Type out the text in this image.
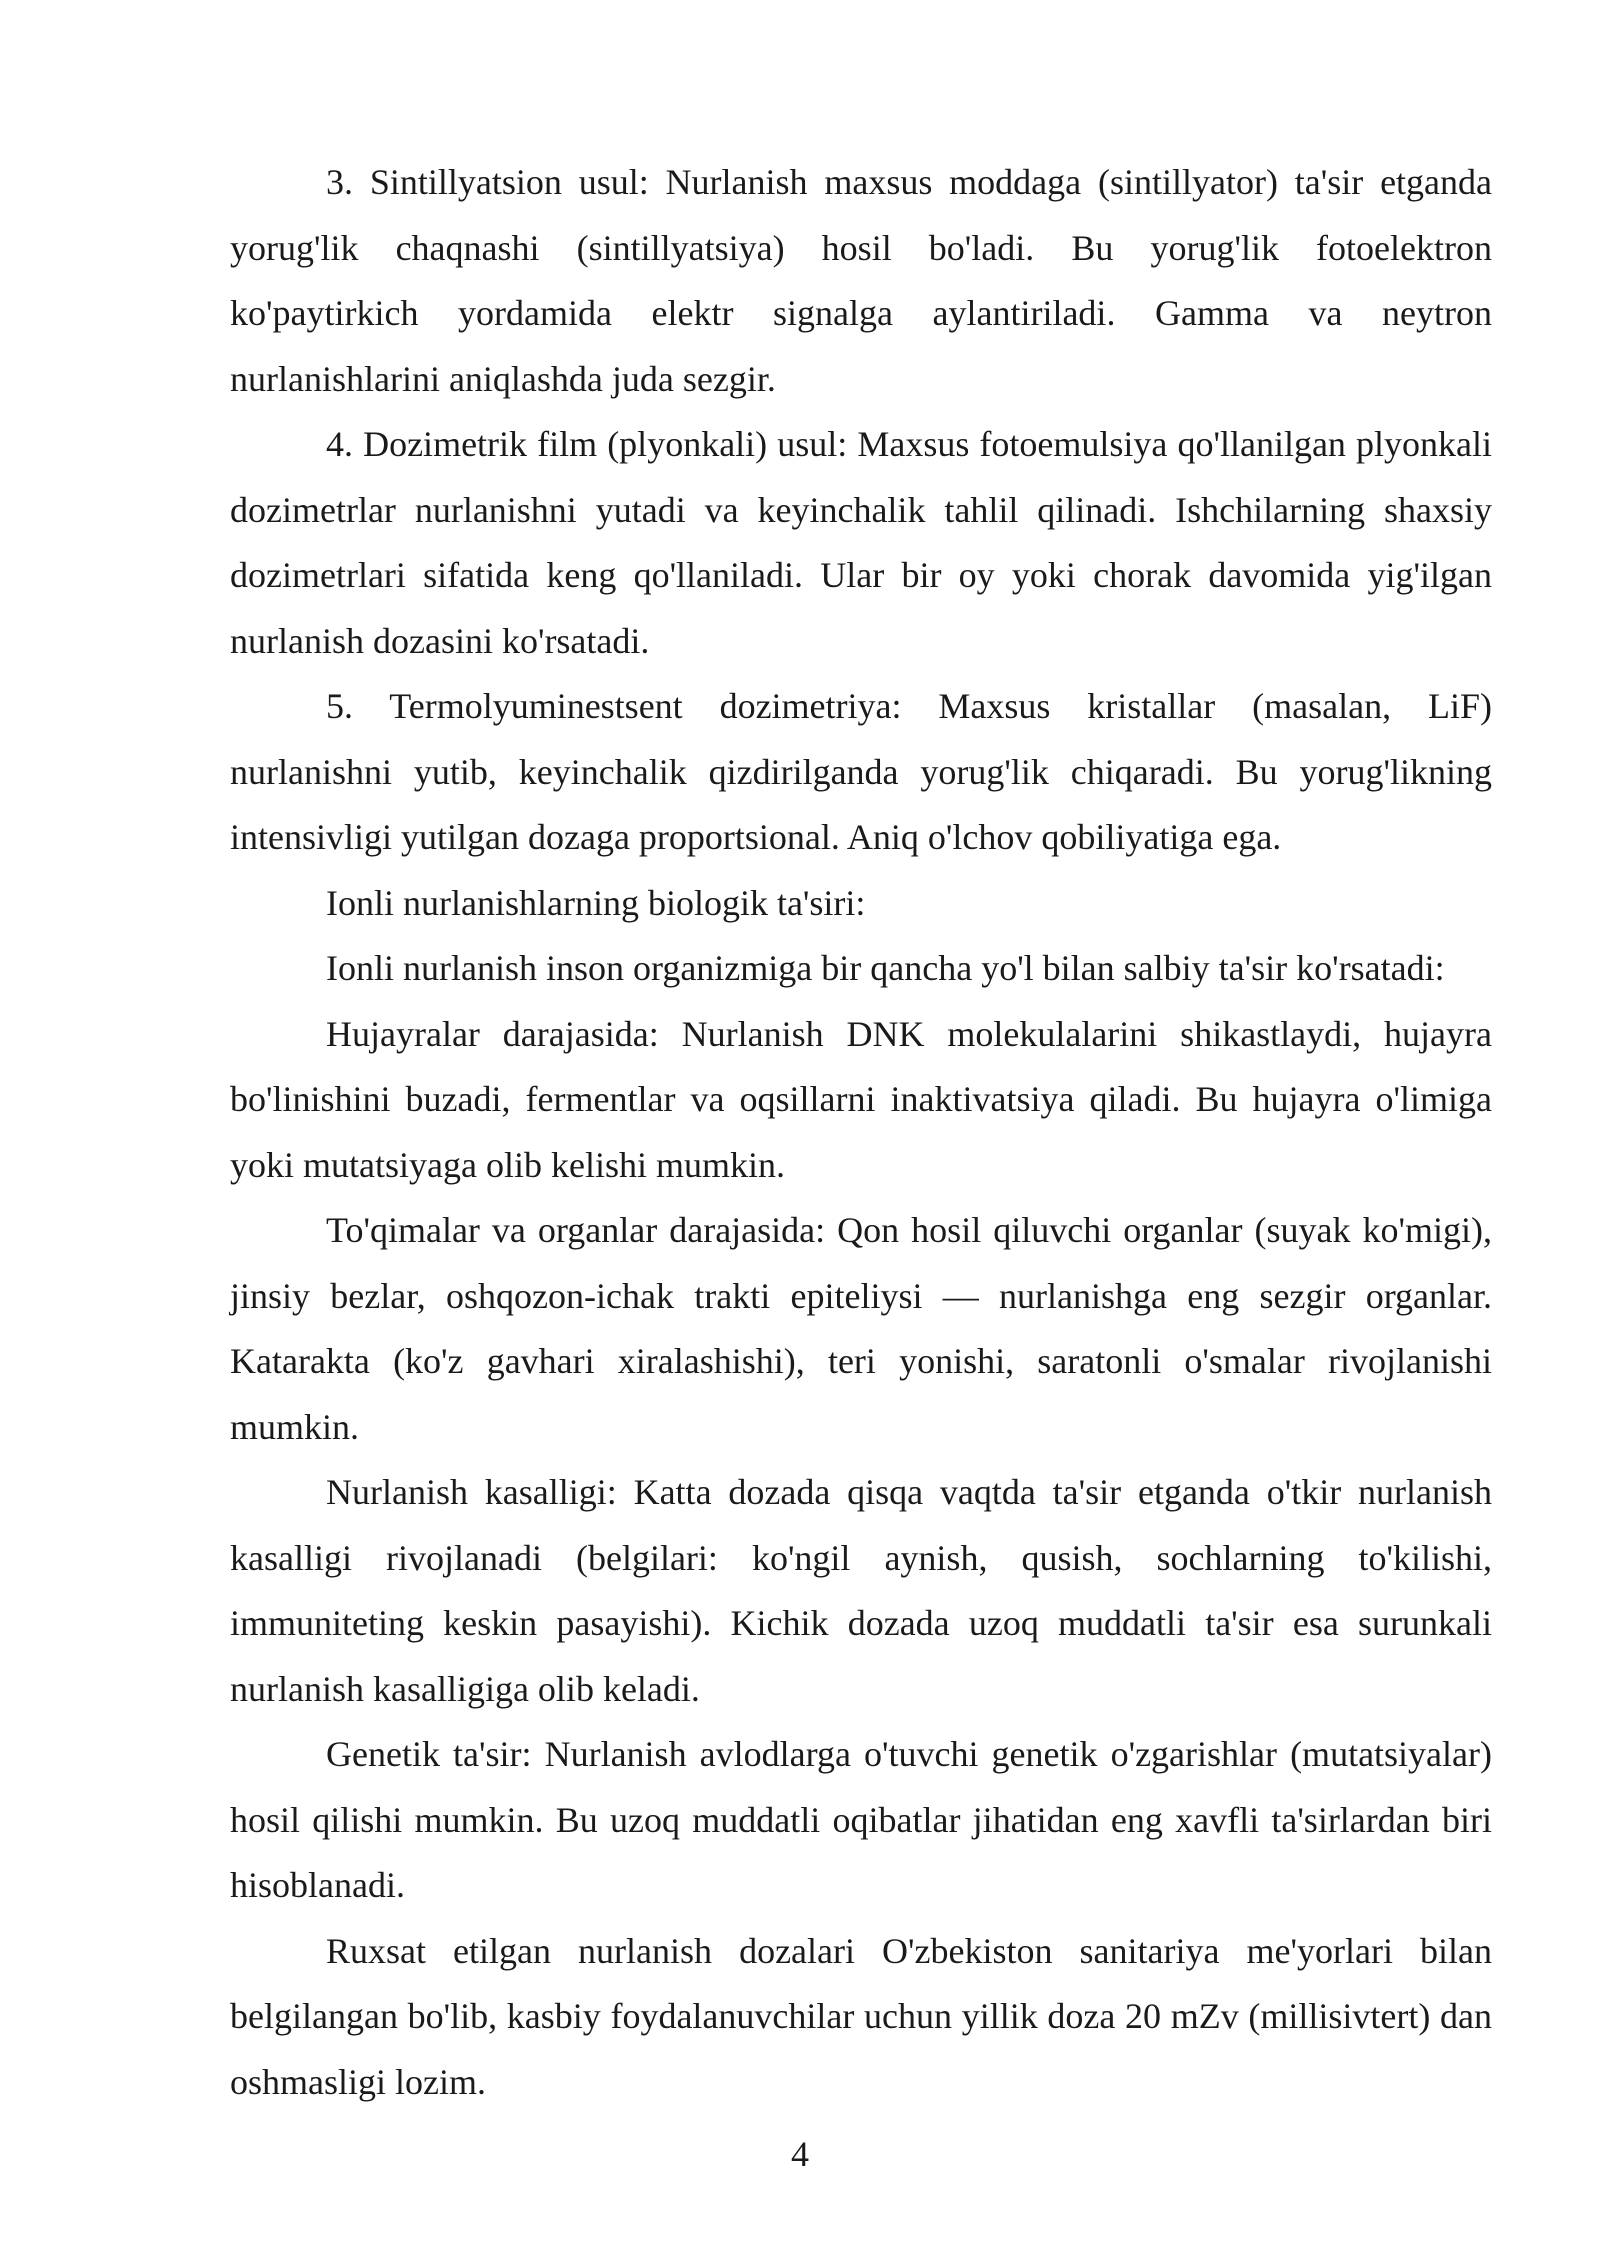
3. Sintillyatsion usul: Nurlanish maxsus moddaga (sintillyator) ta'sir etganda yorug'lik chaqnashi (sintillyatsiya) hosil bo'ladi. Bu yorug'lik fotoelektron ko'paytirkich yordamida elektr signalga aylantiriladi. Gamma va neytron nurlanishlarini aniqlashda juda sezgir.

4. Dozimetrik film (plyonkali) usul: Maxsus fotoemulsiya qo'llanilgan plyonkali dozimetrlar nurlanishni yutadi va keyinchalik tahlil qilinadi. Ishchilarning shaxsiy dozimetrlari sifatida keng qo'llaniladi. Ular bir oy yoki chorak davomida yig'ilgan nurlanish dozasini ko'rsatadi.

5. Termolyuminestsent dozimetriya: Maxsus kristallar (masalan, LiF) nurlanishni yutib, keyinchalik qizdirilganda yorug'lik chiqaradi. Bu yorug'likning intensivligi yutilgan dozaga proportsional. Aniq o'lchov qobiliyatiga ega.

Ionli nurlanishlarning biologik ta'siri:

Ionli nurlanish inson organizmiga bir qancha yo'l bilan salbiy ta'sir ko'rsatadi:

Hujayralar darajasida: Nurlanish DNK molekulalarini shikastlaydi, hujayra bo'linishini buzadi, fermentlar va oqsillarni inaktivatsiya qiladi. Bu hujayra o'limiga yoki mutatsiyaga olib kelishi mumkin.

To'qimalar va organlar darajasida: Qon hosil qiluvchi organlar (suyak ko'migi), jinsiy bezlar, oshqozon-ichak trakti epiteliysi — nurlanishga eng sezgir organlar. Katarakta (ko'z gavhari xiralashishi), teri yonishi, saratonli o'smalar rivojlanishi mumkin.

Nurlanish kasalligi: Katta dozada qisqa vaqtda ta'sir etganda o'tkir nurlanish kasalligi rivojlanadi (belgilari: ko'ngil aynish, qusish, sochlarning to'kilishi, immuniteting keskin pasayishi). Kichik dozada uzoq muddatli ta'sir esa surunkali nurlanish kasalligiga olib keladi.

Genetik ta'sir: Nurlanish avlodlarga o'tuvchi genetik o'zgarishlar (mutatsiyalar) hosil qilishi mumkin. Bu uzoq muddatli oqibatlar jihatidan eng xavfli ta'sirlardan biri hisoblanadi.

Ruxsat etilgan nurlanish dozalari O'zbekiston sanitariya me'yorlari bilan belgilangan bo'lib, kasbiy foydalanuvchilar uchun yillik doza 20 mZv (millisivtert) dan oshmasligi lozim.

4
